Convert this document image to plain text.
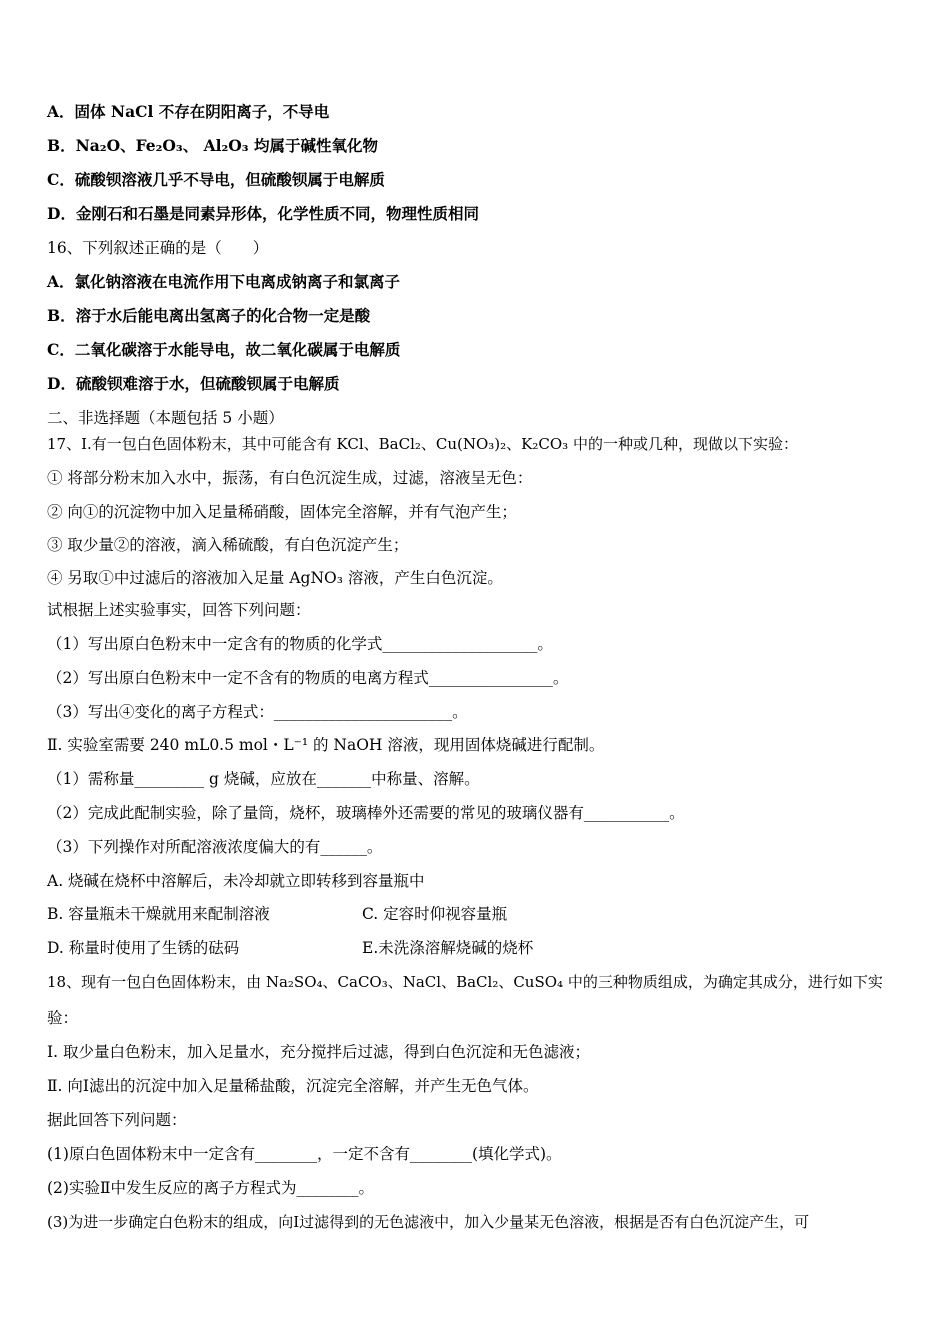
A．固体 NaCl 不存在阴阳离子，不导电
B．Na₂O、Fe₂O₃、 Al₂O₃ 均属于碱性氧化物
C．硫酸钡溶液几乎不导电，但硫酸钡属于电解质
D．金刚石和石墨是同素异形体，化学性质不同，物理性质相同
16、下列叙述正确的是（　　）
A．氯化钠溶液在电流作用下电离成钠离子和氯离子
B．溶于水后能电离出氢离子的化合物一定是酸
C．二氧化碳溶于水能导电，故二氧化碳属于电解质
D．硫酸钡难溶于水，但硫酸钡属于电解质
二、非选择题（本题包括 5 小题）
17、Ⅰ.有一包白色固体粉末，其中可能含有 KCl、BaCl₂、Cu(NO₃)₂、K₂CO₃ 中的一种或几种，现做以下实验：
① 将部分粉末加入水中，振荡，有白色沉淀生成，过滤，溶液呈无色：
② 向①的沉淀物中加入足量稀硝酸，固体完全溶解，并有气泡产生；
③ 取少量②的溶液，滴入稀硫酸，有白色沉淀产生；
④ 另取①中过滤后的溶液加入足量 AgNO₃ 溶液，产生白色沉淀。
试根据上述实验事实，回答下列问题：
（1）写出原白色粉末中一定含有的物质的化学式____________________。
（2）写出原白色粉末中一定不含有的物质的电离方程式________________。
（3）写出④变化的离子方程式：_______________________。
Ⅱ. 实验室需要 240 mL0.5 mol・L⁻¹ 的 NaOH 溶液，现用固体烧碱进行配制。
（1）需称量_________ g 烧碱，应放在_______中称量、溶解。
（2）完成此配制实验，除了量筒，烧杯，玻璃棒外还需要的常见的玻璃仪器有___________。
（3）下列操作对所配溶液浓度偏大的有______。
A. 烧碱在烧杯中溶解后，未冷却就立即转移到容量瓶中
B. 容量瓶未干燥就用来配制溶液	C. 定容时仰视容量瓶
D. 称量时使用了生锈的砝码	E.未洗涤溶解烧碱的烧杯
18、现有一包白色固体粉末，由 Na₂SO₄、CaCO₃、NaCl、BaCl₂、CuSO₄ 中的三种物质组成，为确定其成分，进行如下实
验：
Ⅰ. 取少量白色粉末，加入足量水，充分搅拌后过滤，得到白色沉淀和无色滤液；
Ⅱ. 向Ⅰ滤出的沉淀中加入足量稀盐酸，沉淀完全溶解，并产生无色气体。
据此回答下列问题：
(1)原白色固体粉末中一定含有________，一定不含有________(填化学式)。
(2)实验Ⅱ中发生反应的离子方程式为________。
(3)为进一步确定白色粉末的组成，向Ⅰ过滤得到的无色滤液中，加入少量某无色溶液，根据是否有白色沉淀产生，可
